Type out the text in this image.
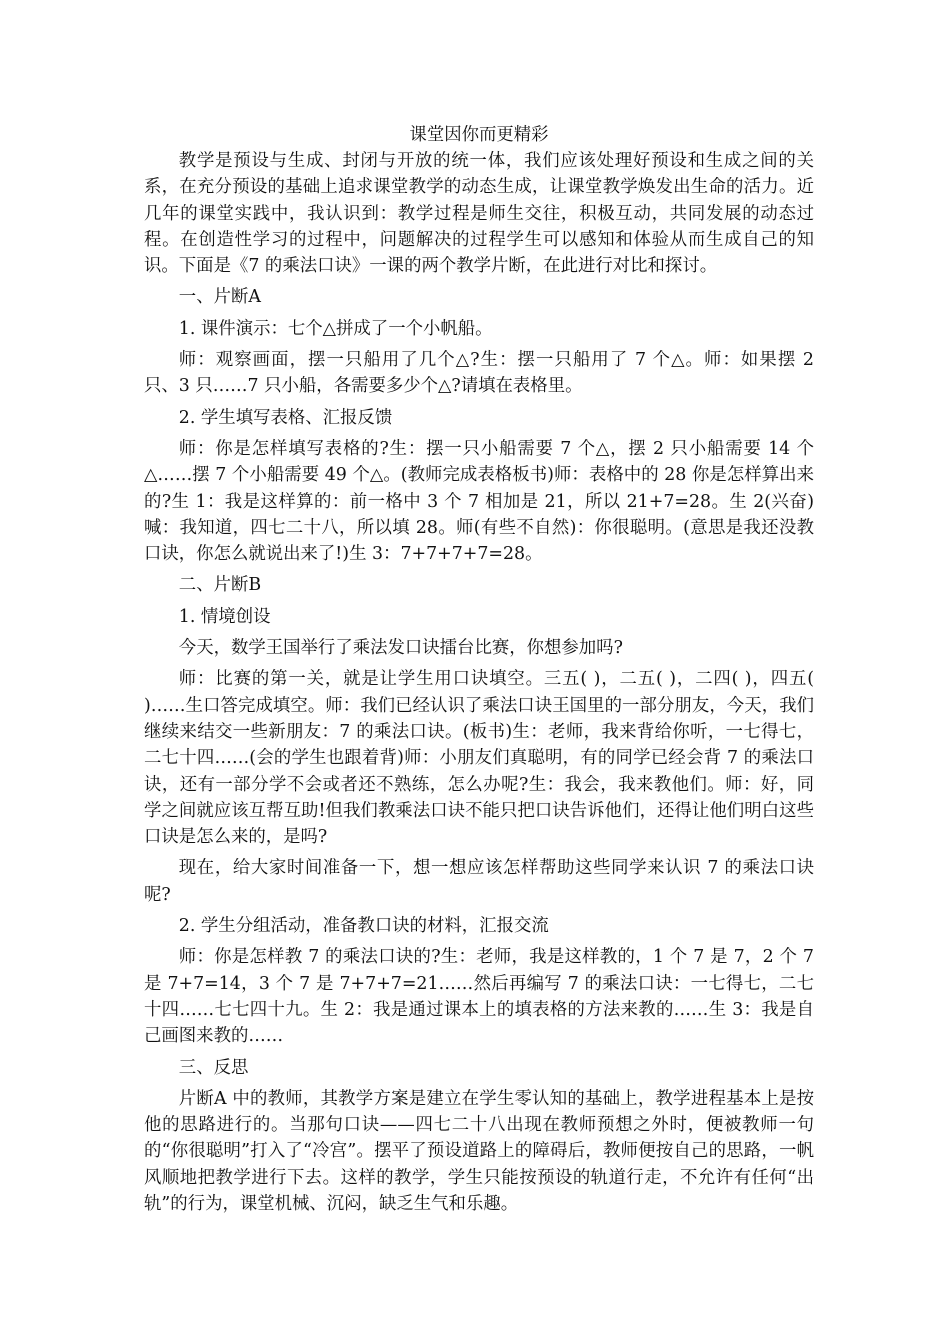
课堂因你而更精彩

教学是预设与生成、封闭与开放的统一体，我们应该处理好预设和生成之间的关系，在充分预设的基础上追求课堂教学的动态生成，让课堂教学焕发出生命的活力。近几年的课堂实践中，我认识到：教学过程是师生交往，积极互动，共同发展的动态过程。在创造性学习的过程中，问题解决的过程学生可以感知和体验从而生成自己的知识。下面是《7 的乘法口诀》一课的两个教学片断，在此进行对比和探讨。

一、片断A

1. 课件演示：七个△拼成了一个小帆船。

师：观察画面，摆一只船用了几个△?生：摆一只船用了 7 个△。师：如果摆 2 只、3 只……7 只小船，各需要多少个△?请填在表格里。

2. 学生填写表格、汇报反馈

师：你是怎样填写表格的?生：摆一只小船需要 7 个△，摆 2 只小船需要 14 个△……摆 7 个小船需要 49 个△。(教师完成表格板书)师：表格中的 28 你是怎样算出来的?生 1：我是这样算的：前一格中 3 个 7 相加是 21，所以 21+7=28。生 2(兴奋)喊：我知道，四七二十八，所以填 28。师(有些不自然)：你很聪明。(意思是我还没教口诀，你怎么就说出来了!)生 3：7+7+7+7=28。

二、片断B

1. 情境创设

今天，数学王国举行了乘法发口诀擂台比赛，你想参加吗?

师：比赛的第一关，就是让学生用口诀填空。三五( )，二五( )，二四( )，四五( )……生口答完成填空。师：我们已经认识了乘法口诀王国里的一部分朋友，今天，我们继续来结交一些新朋友：7 的乘法口诀。(板书)生：老师，我来背给你听，一七得七，二七十四……(会的学生也跟着背)师：小朋友们真聪明，有的同学已经会背 7 的乘法口诀，还有一部分学不会或者还不熟练，怎么办呢?生：我会，我来教他们。师：好，同学之间就应该互帮互助!但我们教乘法口诀不能只把口诀告诉他们，还得让他们明白这些口诀是怎么来的，是吗?

现在，给大家时间准备一下，想一想应该怎样帮助这些同学来认识 7 的乘法口诀呢?

2. 学生分组活动，准备教口诀的材料，汇报交流

师：你是怎样教 7 的乘法口诀的?生：老师，我是这样教的，1 个 7 是 7，2 个 7 是 7+7=14，3 个 7 是 7+7+7=21……然后再编写 7 的乘法口诀：一七得七，二七十四……七七四十九。生 2：我是通过课本上的填表格的方法来教的……生 3：我是自己画图来教的……

三、反思

片断A 中的教师，其教学方案是建立在学生零认知的基础上，教学进程基本上是按他的思路进行的。当那句口诀——四七二十八出现在教师预想之外时，便被教师一句的“你很聪明”打入了“冷宫”。摆平了预设道路上的障碍后，教师便按自己的思路，一帆风顺地把教学进行下去。这样的教学，学生只能按预设的轨道行走，不允许有任何“出轨”的行为，课堂机械、沉闷，缺乏生气和乐趣。
